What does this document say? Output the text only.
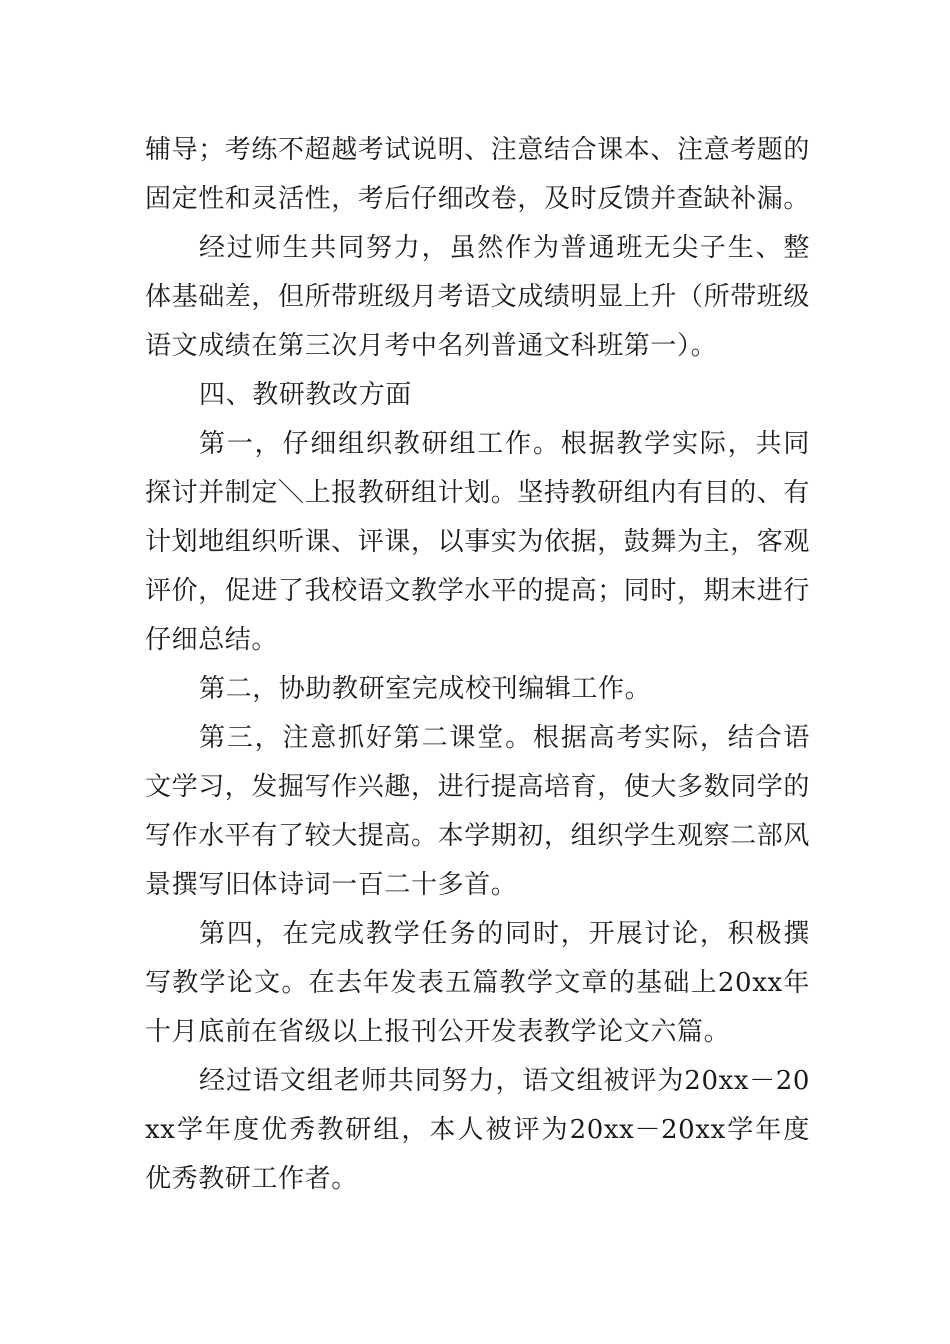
辅导；考练不超越考试说明、注意结合课本、注意考题的固定性和灵活性，考后仔细改卷，及时反馈并查缺补漏。

经过师生共同努力，虽然作为普通班无尖子生、整体基础差，但所带班级月考语文成绩明显上升（所带班级语文成绩在第三次月考中名列普通文科班第一）。

四、教研教改方面

第一，仔细组织教研组工作。根据教学实际，共同探讨并制定＼上报教研组计划。坚持教研组内有目的、有计划地组织听课、评课，以事实为依据，鼓舞为主，客观评价，促进了我校语文教学水平的提高；同时，期末进行仔细总结。

第二，协助教研室完成校刊编辑工作。

第三，注意抓好第二课堂。根据高考实际，结合语文学习，发掘写作兴趣，进行提高培育，使大多数同学的写作水平有了较大提高。本学期初，组织学生观察二部风景撰写旧体诗词一百二十多首。

第四，在完成教学任务的同时，开展讨论，积极撰写教学论文。在去年发表五篇教学文章的基础上20xx年十月底前在省级以上报刊公开发表教学论文六篇。

经过语文组老师共同努力，语文组被评为20xx－20xx学年度优秀教研组，本人被评为20xx－20xx学年度优秀教研工作者。
